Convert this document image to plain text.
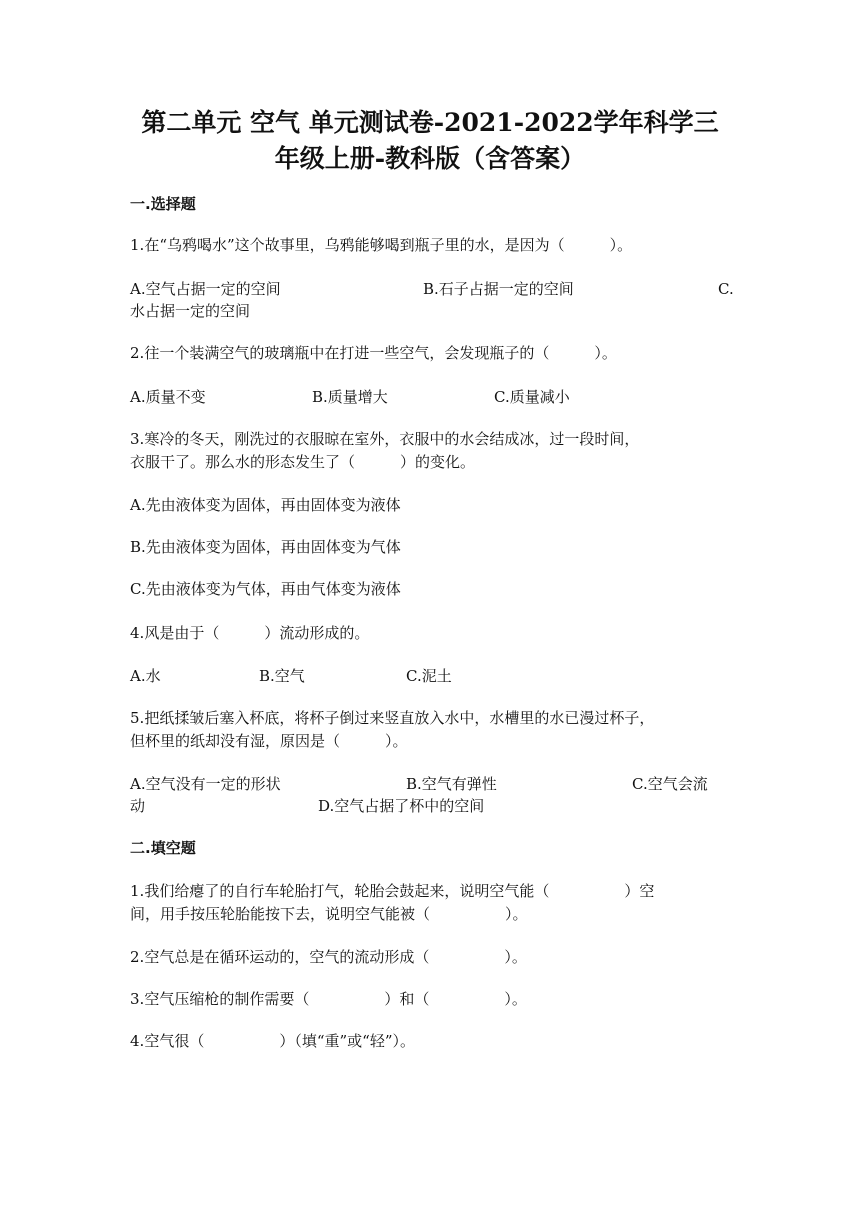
第二单元 空气 单元测试卷-2021-2022学年科学三
年级上册-教科版（含答案）
一.选择题
1.在“乌鸦喝水”这个故事里，乌鸦能够喝到瓶子里的水，是因为（　　　）。
A.空气占据一定的空间	B.石子占据一定的空间	C.
水占据一定的空间
2.往一个装满空气的玻璃瓶中在打进一些空气，会发现瓶子的（　　　）。
A.质量不变	B.质量增大	C.质量减小
3.寒冷的冬天，刚洗过的衣服晾在室外，衣服中的水会结成冰，过一段时间，
衣服干了。那么水的形态发生了（　　　）的变化。
A.先由液体变为固体，再由固体变为液体
B.先由液体变为固体，再由固体变为气体
C.先由液体变为气体，再由气体变为液体
4.风是由于（　　　）流动形成的。
A.水	B.空气	C.泥土
5.把纸揉皱后塞入杯底，将杯子倒过来竖直放入水中，水槽里的水已漫过杯子，
但杯里的纸却没有湿，原因是（　　　）。
A.空气没有一定的形状	B.空气有弹性	C.空气会流
动	D.空气占据了杯中的空间
二.填空题
1.我们给瘪了的自行车轮胎打气，轮胎会鼓起来，说明空气能（　　　　　）空
间，用手按压轮胎能按下去，说明空气能被（　　　　　）。
2.空气总是在循环运动的，空气的流动形成（　　　　　）。
3.空气压缩枪的制作需要（　　　　　）和（　　　　　）。
4.空气很（　　　　　）（填“重”或“轻”）。
